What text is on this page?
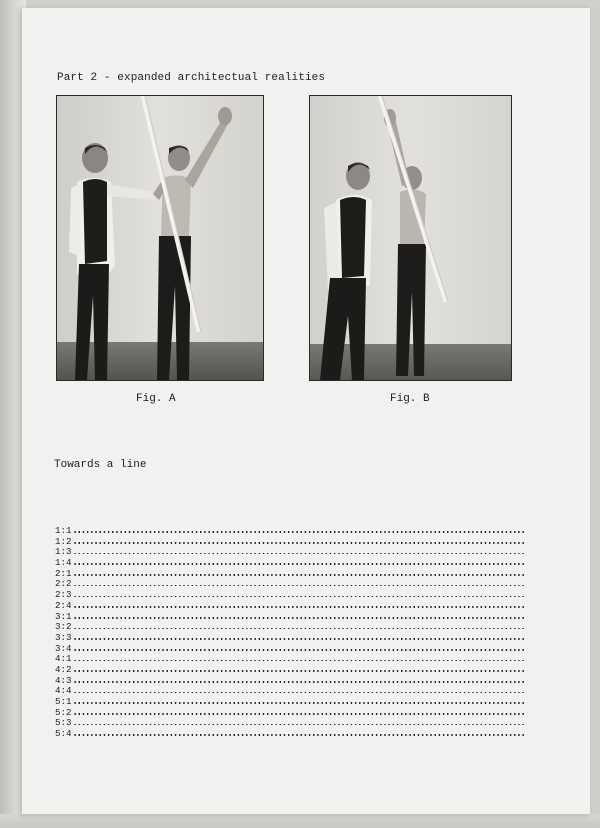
Part 2 - expanded architectual realities
Fig. A	Fig. B
Towards a line
1:1
1:2
1:3
1:4
2:1
2:2
2:3
2:4
3:1
3:2
3:3
3:4
4:1
4:2
4:3
4:4
5:1
5:2
5:3
5:4
